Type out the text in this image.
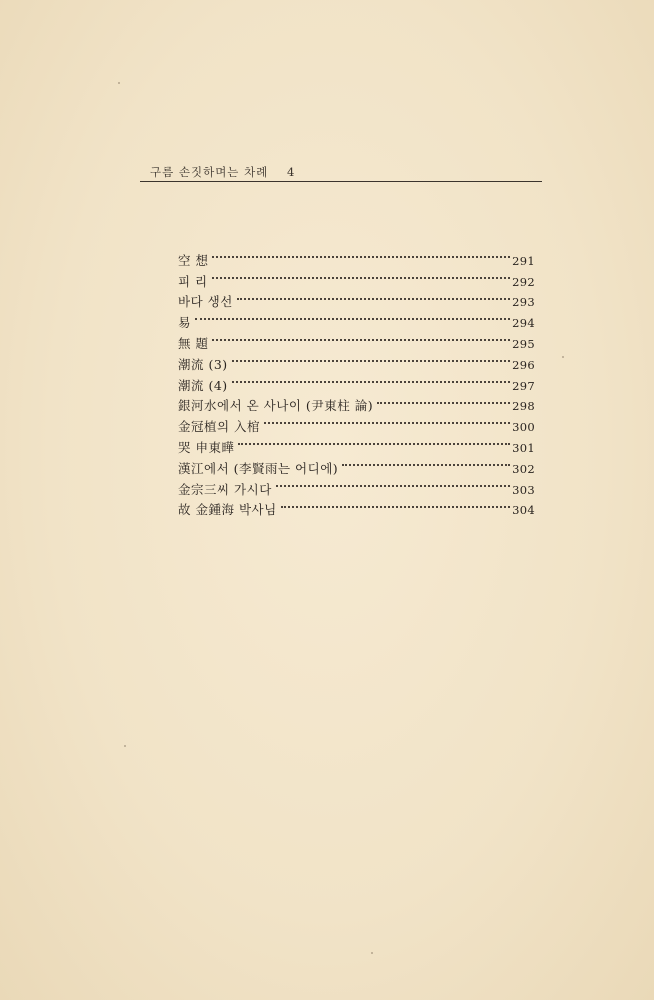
구름 손짓하며는 차례 4
空 想	291
피 리	292
바다 생선	293
易	294
無 題	295
潮流 (3)	296
潮流 (4)	297
銀河水에서 온 사나이 (尹東柱 論)	298
金冠植의 入棺	300
哭 申東曄	301
漢江에서 (李賢雨는 어디에)	302
金宗三씨 가시다	303
故 金鍾海 박사님	304
